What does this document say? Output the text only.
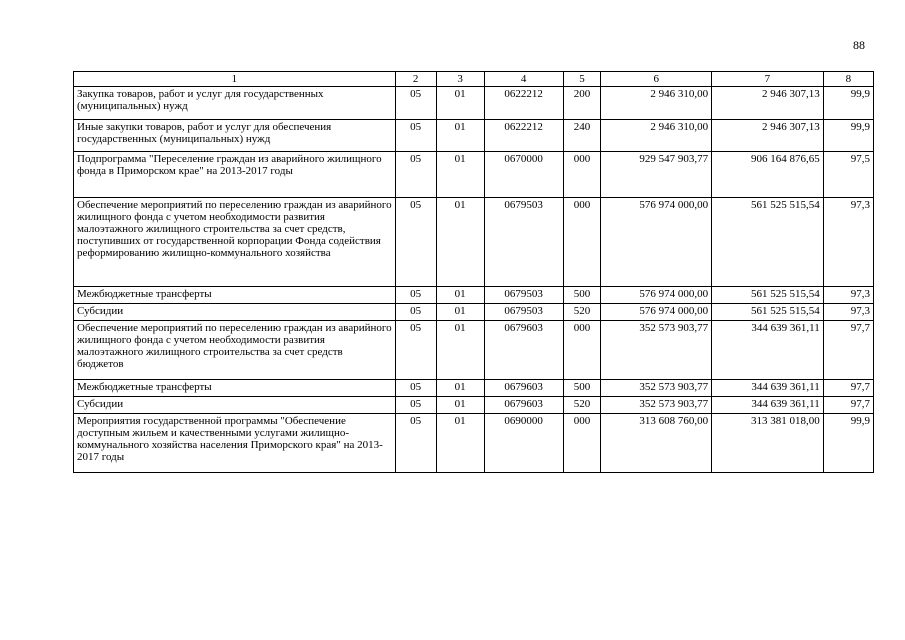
88
1	2	3	4	5	6	7	8
Закупка товаров, работ и услуг для государственных (муниципальных) нужд	05	01	0622212	200	2 946 310,00	2 946 307,13	99,9
Иные закупки товаров, работ и услуг для обеспечения государственных (муниципальных) нужд	05	01	0622212	240	2 946 310,00	2 946 307,13	99,9
Подпрограмма "Переселение граждан из аварийного жилищного фонда в Приморском крае" на 2013-2017 годы	05	01	0670000	000	929 547 903,77	906 164 876,65	97,5
Обеспечение мероприятий по переселению граждан из аварийного жилищного фонда с учетом необходимости развития малоэтажного жилищного строительства за счет средств, поступивших от государственной корпорации Фонда содействия реформированию жилищно-коммунального хозяйства	05	01	0679503	000	576 974 000,00	561 525 515,54	97,3
Межбюджетные трансферты	05	01	0679503	500	576 974 000,00	561 525 515,54	97,3
Субсидии	05	01	0679503	520	576 974 000,00	561 525 515,54	97,3
Обеспечение мероприятий по переселению граждан из аварийного жилищного фонда с учетом необходимости развития малоэтажного жилищного строительства за счет средств бюджетов	05	01	0679603	000	352 573 903,77	344 639 361,11	97,7
Межбюджетные трансферты	05	01	0679603	500	352 573 903,77	344 639 361,11	97,7
Субсидии	05	01	0679603	520	352 573 903,77	344 639 361,11	97,7
Мероприятия государственной программы "Обеспечение доступным жильем и качественными услугами жилищно-коммунального хозяйства населения Приморского края" на 2013-2017 годы	05	01	0690000	000	313 608 760,00	313 381 018,00	99,9
